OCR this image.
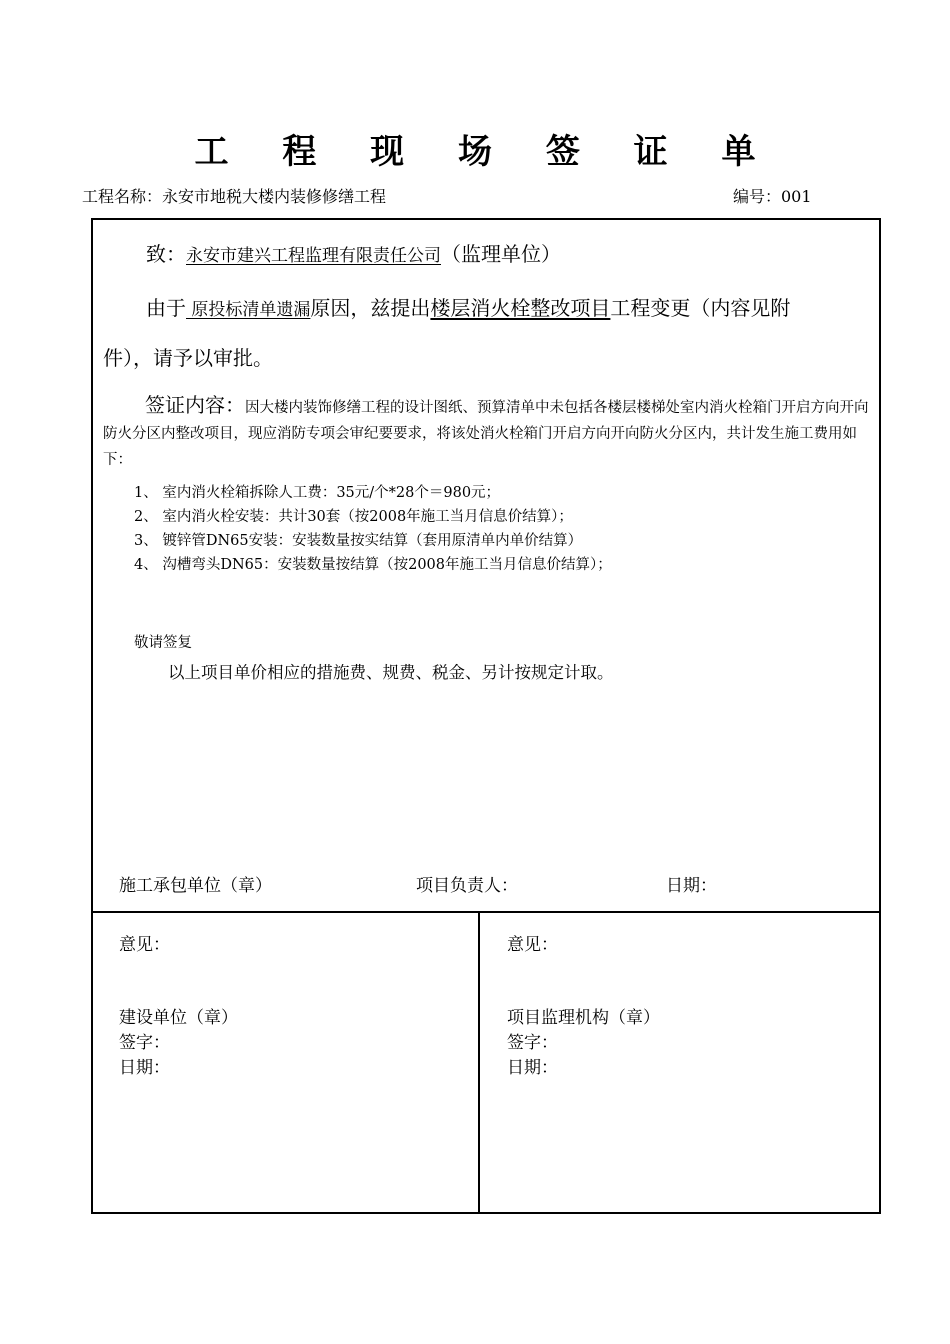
工 程 现 场 签 证 单
工程名称：永安市地税大楼内装修修缮工程	编号：001
致：永安市建兴工程监理有限责任公司（监理单位）
由于 原投标清单遗漏原因，兹提出楼层消火栓整改项目工程变更（内容见附
件），请予以审批。
签证内容：因大楼内装饰修缮工程的设计图纸、预算清单中未包括各楼层楼梯处室内消火栓箱门开启方向开向防火分区内整改项目，现应消防专项会审纪要要求，将该处消火栓箱门开启方向开向防火分区内，共计发生施工费用如下：
1、 室内消火栓箱拆除人工费：35元/个*28个＝980元；
2、 室内消火栓安装：共计30套（按2008年施工当月信息价结算）；
3、 镀锌管DN65安装：安装数量按实结算（套用原清单内单价结算）
4、 沟槽弯头DN65：安装数量按结算（按2008年施工当月信息价结算）；
敬请签复
以上项目单价相应的措施费、规费、税金、另计按规定计取。
施工承包单位（章）	项目负责人：	日期：
意见：
建设单位（章）
签字：
日期：
意见：
项目监理机构（章）
签字：
日期：
